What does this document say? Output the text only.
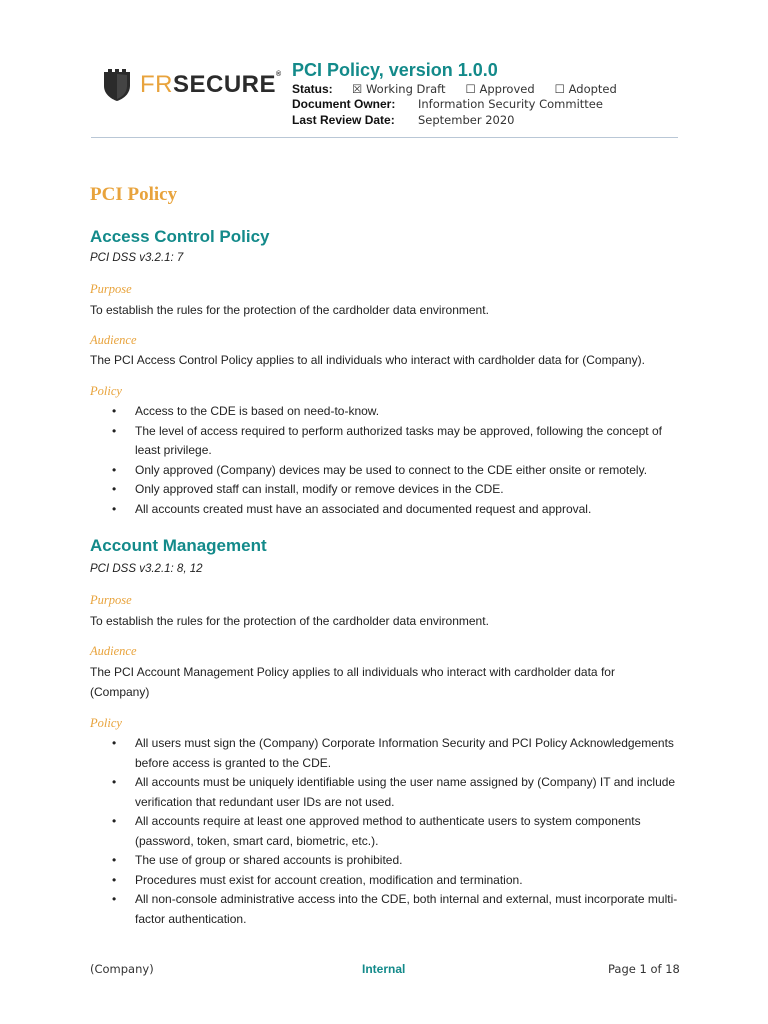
FRSECURE® PCI Policy, version 1.0.0
Status:	☒ Working Draft ☐ Approved ☐ Adopted
Document Owner:	Information Security Committee
Last Review Date:	September 2020
PCI Policy
Access Control Policy
PCI DSS v3.2.1: 7
Purpose
To establish the rules for the protection of the cardholder data environment.
Audience
The PCI Access Control Policy applies to all individuals who interact with cardholder data for (Company).
Policy
• Access to the CDE is based on need-to-know.
• The level of access required to perform authorized tasks may be approved, following the concept of least privilege.
• Only approved (Company) devices may be used to connect to the CDE either onsite or remotely.
• Only approved staff can install, modify or remove devices in the CDE.
• All accounts created must have an associated and documented request and approval.
Account Management
PCI DSS v3.2.1: 8, 12
Purpose
To establish the rules for the protection of the cardholder data environment.
Audience
The PCI Account Management Policy applies to all individuals who interact with cardholder data for (Company)
Policy
• All users must sign the (Company) Corporate Information Security and PCI Policy Acknowledgements before access is granted to the CDE.
• All accounts must be uniquely identifiable using the user name assigned by (Company) IT and include verification that redundant user IDs are not used.
• All accounts require at least one approved method to authenticate users to system components (password, token, smart card, biometric, etc.).
• The use of group or shared accounts is prohibited.
• Procedures must exist for account creation, modification and termination.
• All non-console administrative access into the CDE, both internal and external, must incorporate multi-factor authentication.
(Company)	Internal	Page 1 of 18
